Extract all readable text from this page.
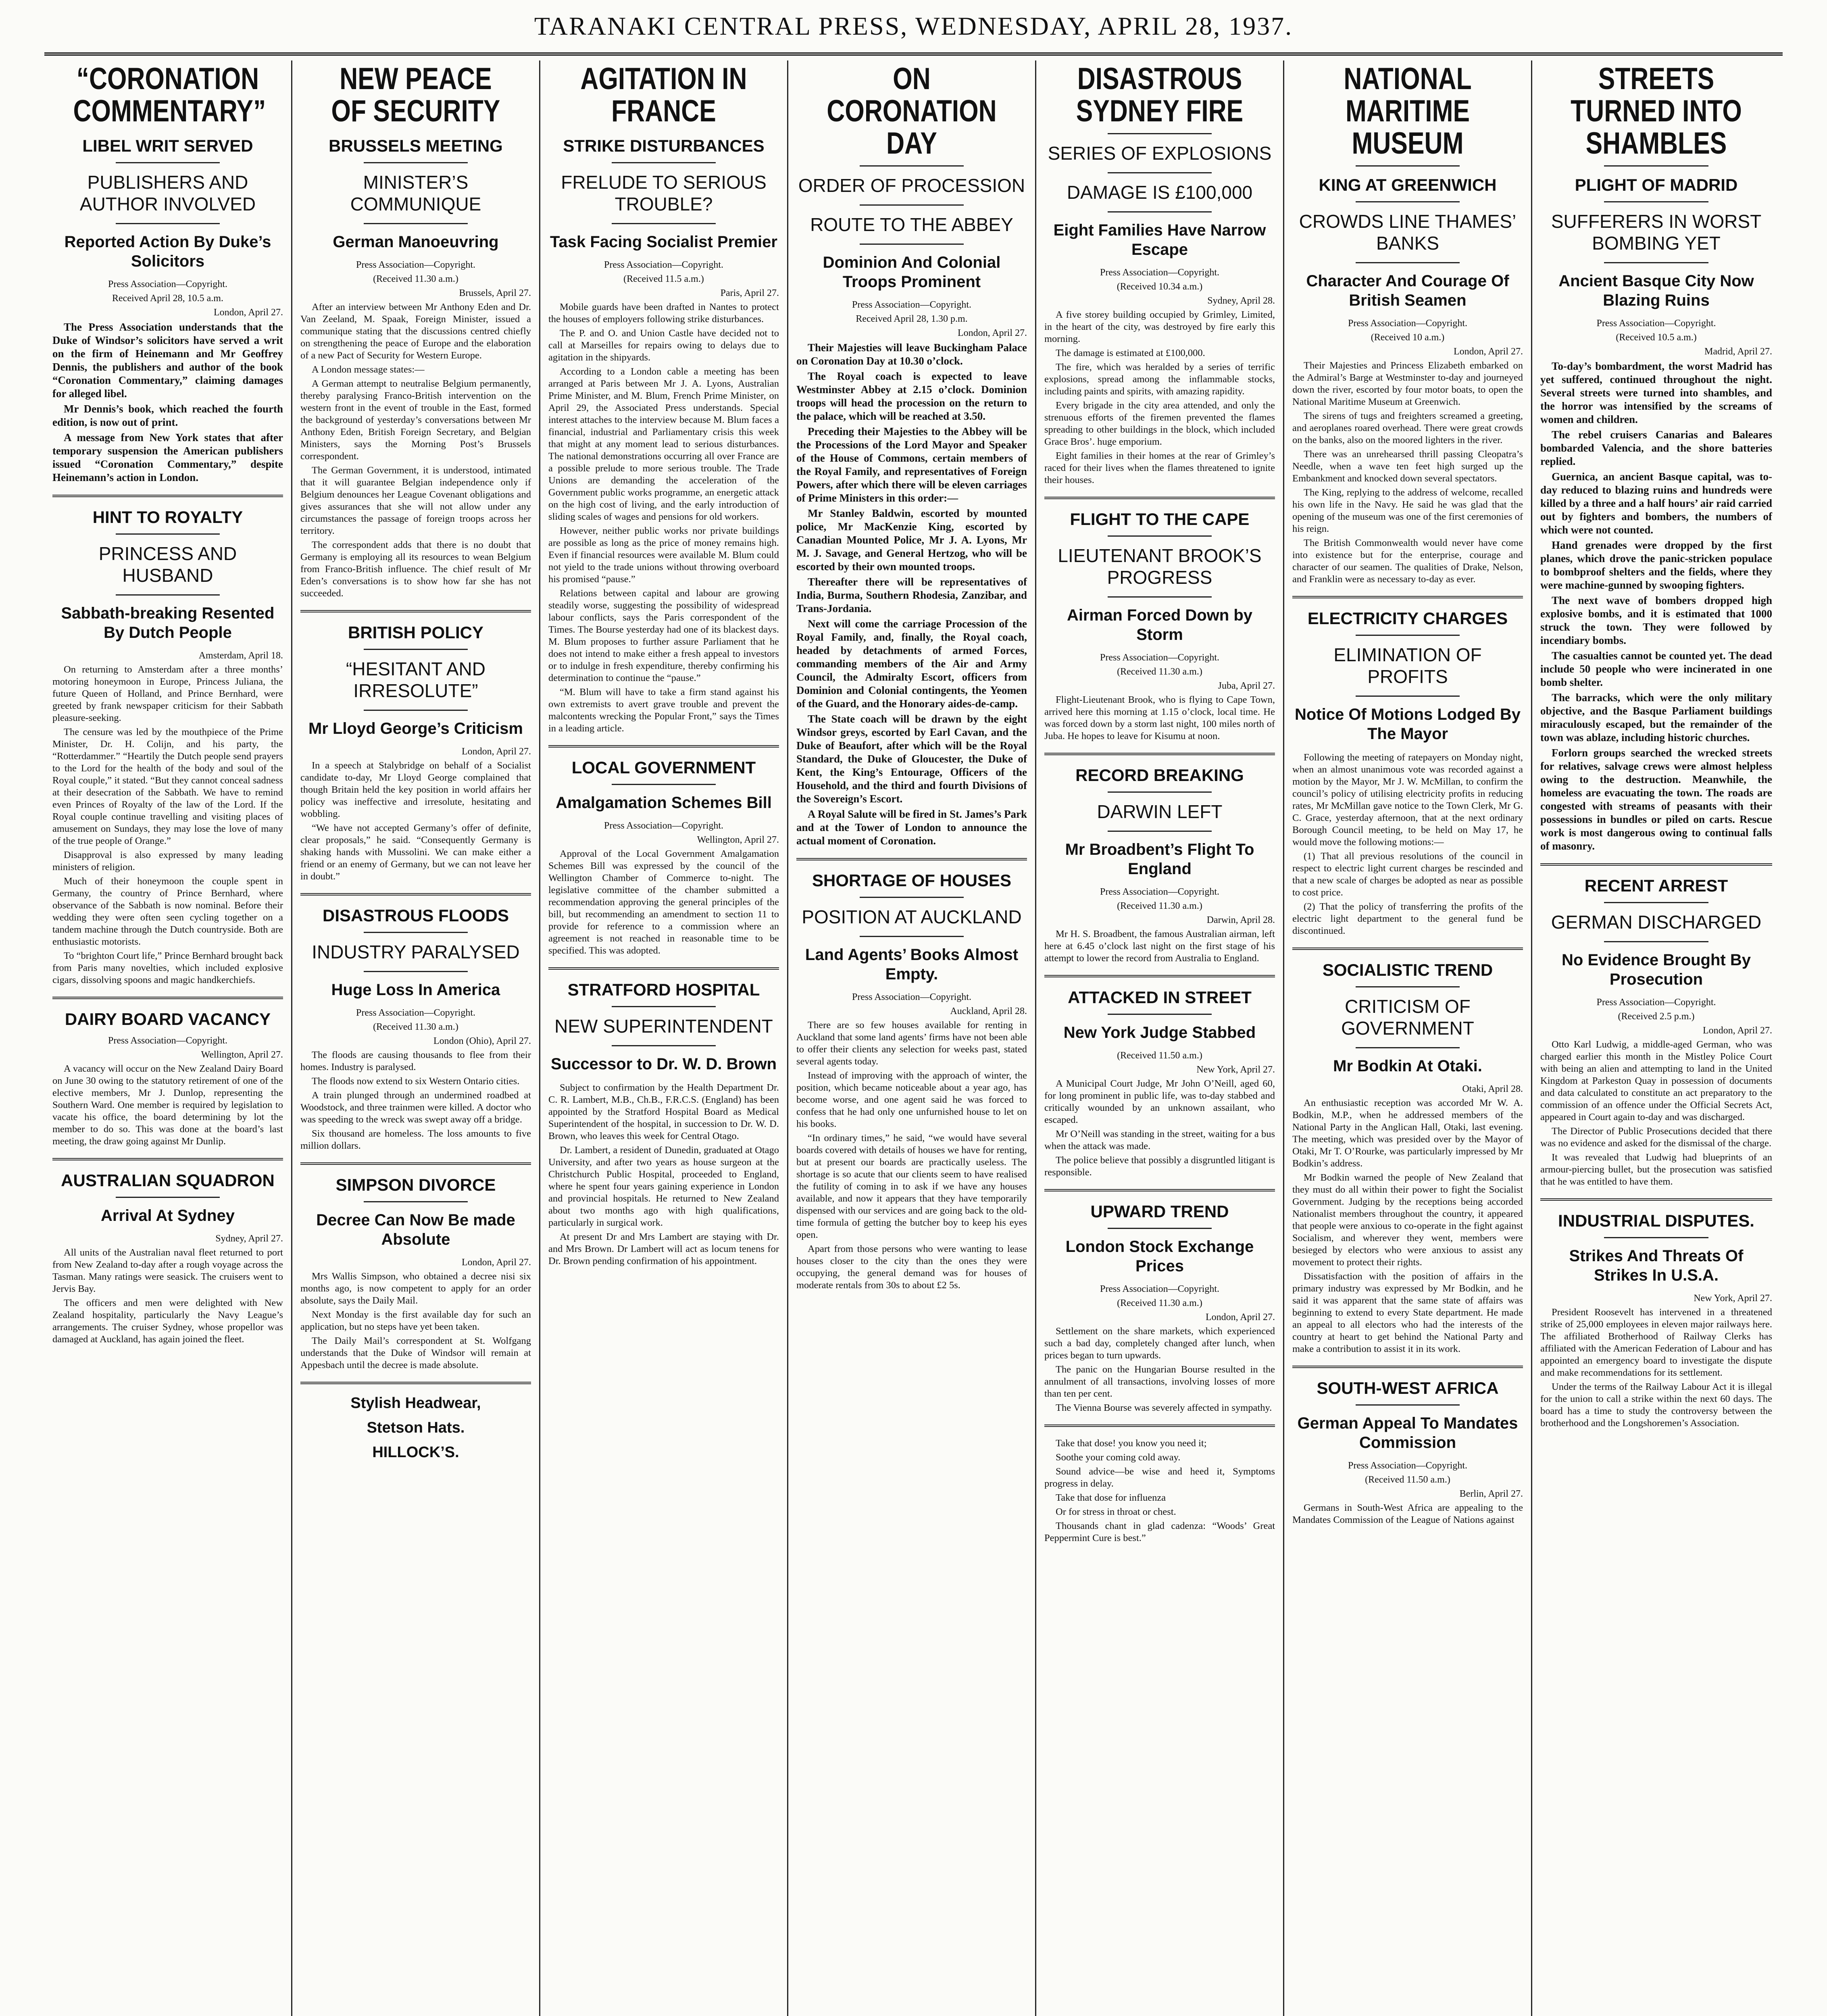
TARANAKI CENTRAL PRESS, WEDNESDAY, APRIL 28, 1937.
“CORONATION COMMENTARY”
LIBEL WRIT SERVED
PUBLISHERS AND AUTHOR INVOLVED
Reported Action By Duke’s Solicitors
Press Association—Copyright.
Received April 28, 10.5 a.m.
London, April 27.

The Press Association understands that the Duke of Windsor’s solicitors have served a writ on the firm of Heinemann and Mr Geoffrey Dennis, the publishers and author of the book “Coronation Commentary,” claiming damages for alleged libel.

Mr Dennis’s book, which reached the fourth edition, is now out of print.

A message from New York states that after temporary suspension the American publishers issued “Coronation Commentary,” despite Heinemann’s action in London.

HINT TO ROYALTY
PRINCESS AND HUSBAND
Sabbath-breaking Resented By Dutch People
Amsterdam, April 18.

On returning to Amsterdam after a three months’ motoring honeymoon in Europe, Princess Juliana, the future Queen of Holland, and Prince Bernhard, were greeted by frank newspaper criticism for their Sabbath pleasure-seeking.

The censure was led by the mouthpiece of the Prime Minister, Dr. H. Colijn, and his party, the “Rotterdammer.” “Heartily the Dutch people send prayers to the Lord for the health of the body and soul of the Royal couple,” it stated. “But they cannot conceal sadness at their desecration of the Sabbath. We have to remind even Princes of Royalty of the law of the Lord. If the Royal couple continue travelling and visiting places of amusement on Sundays, they may lose the love of many of the true people of Orange.”

Disapproval is also expressed by many leading ministers of religion.

Much of their honeymoon the couple spent in Germany, the country of Prince Bernhard, where observance of the Sabbath is now nominal. Before their wedding they were often seen cycling together on a tandem machine through the Dutch countryside. Both are enthusiastic motorists.

To “brighton Court life,” Prince Bernhard brought back from Paris many novelties, which included explosive cigars, dissolving spoons and magic handkerchiefs.

DAIRY BOARD VACANCY
Press Association—Copyright.
Wellington, April 27.

A vacancy will occur on the New Zealand Dairy Board on June 30 owing to the statutory retirement of one of the elective members, Mr J. Dunlop, representing the Southern Ward. One member is required by legislation to vacate his office, the board determining by lot the member to do so. This was done at the board’s last meeting, the draw going against Mr Dunlip.

AUSTRALIAN SQUADRON
Arrival At Sydney
Sydney, April 27.

All units of the Australian naval fleet returned to port from New Zealand to-day after a rough voyage across the Tasman. Many ratings were seasick. The cruisers went to Jervis Bay.

The officers and men were delighted with New Zealand hospitality, particularly the Navy League’s arrangements. The cruiser Sydney, whose propellor was damaged at Auckland, has again joined the fleet.

NEW PEACE OF SECURITY
BRUSSELS MEETING
MINISTER’S COMMUNIQUE
German Manoeuvring
Press Association—Copyright.
(Received 11.30 a.m.)
Brussels, April 27.

After an interview between Mr Anthony Eden and Dr. Van Zeeland, M. Spaak, Foreign Minister, issued a communique stating that the discussions centred chiefly on strengthening the peace of Europe and the elaboration of a new Pact of Security for Western Europe.

A London message states:—

A German attempt to neutralise Belgium permanently, thereby paralysing Franco-British intervention on the western front in the event of trouble in the East, formed the background of yesterday’s conversations between Mr Anthony Eden, British Foreign Secretary, and Belgian Ministers, says the Morning Post’s Brussels correspondent.

The German Government, it is understood, intimated that it will guarantee Belgian independence only if Belgium denounces her League Covenant obligations and gives assurances that she will not allow under any circumstances the passage of foreign troops across her territory.

The correspondent adds that there is no doubt that Germany is employing all its resources to wean Belgium from Franco-British influence. The chief result of Mr Eden’s conversations is to show how far she has not succeeded.

BRITISH POLICY
“HESITANT AND IRRESOLUTE”
Mr Lloyd George’s Criticism
London, April 27.

In a speech at Stalybridge on behalf of a Socialist candidate to-day, Mr Lloyd George complained that though Britain held the key position in world affairs her policy was ineffective and irresolute, hesitating and wobbling.

“We have not accepted Germany’s offer of definite, clear proposals,” he said. “Consequently Germany is shaking hands with Mussolini. We can make either a friend or an enemy of Germany, but we can not leave her in doubt.”

DISASTROUS FLOODS
INDUSTRY PARALYSED
Huge Loss In America
Press Association—Copyright.
(Received 11.30 a.m.)
London (Ohio), April 27.

The floods are causing thousands to flee from their homes. Industry is paralysed.

The floods now extend to six Western Ontario cities.

A train plunged through an undermined roadbed at Woodstock, and three trainmen were killed. A doctor who was speeding to the wreck was swept away off a bridge.

Six thousand are homeless. The loss amounts to five million dollars.

SIMPSON DIVORCE
Decree Can Now Be made Absolute
London, April 27.

Mrs Wallis Simpson, who obtained a decree nisi six months ago, is now competent to apply for an order absolute, says the Daily Mail.

Next Monday is the first available day for such an application, but no steps have yet been taken.

The Daily Mail’s correspondent at St. Wolfgang understands that the Duke of Windsor will remain at Appesbach until the decree is made absolute.

Stylish Headwear,
Stetson Hats.
HILLOCK’S.
AGITATION IN FRANCE
STRIKE DISTURBANCES
FRELUDE TO SERIOUS TROUBLE?
Task Facing Socialist Premier
Press Association—Copyright.
(Received 11.5 a.m.)
Paris, April 27.

Mobile guards have been drafted in Nantes to protect the houses of employers following strike disturbances.

The P. and O. and Union Castle have decided not to call at Marseilles for repairs owing to delays due to agitation in the shipyards.

According to a London cable a meeting has been arranged at Paris between Mr J. A. Lyons, Australian Prime Minister, and M. Blum, French Prime Minister, on April 29, the Associated Press understands. Special interest attaches to the interview because M. Blum faces a financial, industrial and Parliamentary crisis this week that might at any moment lead to serious disturbances. The national demonstrations occurring all over France are a possible prelude to more serious trouble. The Trade Unions are demanding the acceleration of the Government public works programme, an energetic attack on the high cost of living, and the early introduction of sliding scales of wages and pensions for old workers.

However, neither public works nor private buildings are possible as long as the price of money remains high. Even if financial resources were available M. Blum could not yield to the trade unions without throwing overboard his promised “pause.”

Relations between capital and labour are growing steadily worse, suggesting the possibility of widespread labour conflicts, says the Paris correspondent of the Times. The Bourse yesterday had one of its blackest days. M. Blum proposes to further assure Parliament that he does not intend to make either a fresh appeal to investors or to indulge in fresh expenditure, thereby confirming his determination to continue the “pause.”

“M. Blum will have to take a firm stand against his own extremists to avert grave trouble and prevent the malcontents wrecking the Popular Front,” says the Times in a leading article.

LOCAL GOVERNMENT
Amalgamation Schemes Bill
Press Association—Copyright.
Wellington, April 27.

Approval of the Local Government Amalgamation Schemes Bill was expressed by the council of the Wellington Chamber of Commerce to-night. The legislative committee of the chamber submitted a recommendation approving the general principles of the bill, but recommending an amendment to section 11 to provide for reference to a commission where an agreement is not reached in reasonable time to be specified. This was adopted.

STRATFORD HOSPITAL
NEW SUPERINTENDENT
Successor to Dr. W. D. Brown

Subject to confirmation by the Health Department Dr. C. R. Lambert, M.B., Ch.B., F.R.C.S. (England) has been appointed by the Stratford Hospital Board as Medical Superintendent of the hospital, in succession to Dr. W. D. Brown, who leaves this week for Central Otago.

Dr. Lambert, a resident of Dunedin, graduated at Otago University, and after two years as house surgeon at the Christchurch Public Hospital, proceeded to England, where he spent four years gaining experience in London and provincial hospitals. He returned to New Zealand about two months ago with high qualifications, particularly in surgical work.

At present Dr and Mrs Lambert are staying with Dr. and Mrs Brown. Dr Lambert will act as locum tenens for Dr. Brown pending confirmation of his appointment.

ON CORONATION DAY
ORDER OF PROCESSION
ROUTE TO THE ABBEY
Dominion And Colonial Troops Prominent
Press Association—Copyright.
Received April 28, 1.30 p.m.
London, April 27.

Their Majesties will leave Buckingham Palace on Coronation Day at 10.30 o’clock.

The Royal coach is expected to leave Westminster Abbey at 2.15 o’clock. Dominion troops will head the procession on the return to the palace, which will be reached at 3.50.

Preceding their Majesties to the Abbey will be the Processions of the Lord Mayor and Speaker of the House of Commons, certain members of the Royal Family, and representatives of Foreign Powers, after which there will be eleven carriages of Prime Ministers in this order:—

Mr Stanley Baldwin, escorted by mounted police, Mr MacKenzie King, escorted by Canadian Mounted Police, Mr J. A. Lyons, Mr M. J. Savage, and General Hertzog, who will be escorted by their own mounted troops.

Thereafter there will be representatives of India, Burma, Southern Rhodesia, Zanzibar, and Trans-Jordania.

Next will come the carriage Procession of the Royal Family, and, finally, the Royal coach, headed by detachments of armed Forces, commanding members of the Air and Army Council, the Admiralty Escort, officers from Dominion and Colonial contingents, the Yeomen of the Guard, and the Honorary aides-de-camp.

The State coach will be drawn by the eight Windsor greys, escorted by Earl Cavan, and the Duke of Beaufort, after which will be the Royal Standard, the Duke of Gloucester, the Duke of Kent, the King’s Entourage, Officers of the Household, and the third and fourth Divisions of the Sovereign’s Escort.

A Royal Salute will be fired in St. James’s Park and at the Tower of London to announce the actual moment of Coronation.

SHORTAGE OF HOUSES
POSITION AT AUCKLAND
Land Agents’ Books Almost Empty.
Press Association—Copyright.
Auckland, April 28.

There are so few houses available for renting in Auckland that some land agents’ firms have not been able to offer their clients any selection for weeks past, stated several agents today.

Instead of improving with the approach of winter, the position, which became noticeable about a year ago, has become worse, and one agent said he was forced to confess that he had only one unfurnished house to let on his books.

“In ordinary times,” he said, “we would have several boards covered with details of houses we have for renting, but at present our boards are practically useless. The shortage is so acute that our clients seem to have realised the futility of coming in to ask if we have any houses available, and now it appears that they have temporarily dispensed with our services and are going back to the old-time formula of getting the butcher boy to keep his eyes open.

Apart from those persons who were wanting to lease houses closer to the city than the ones they were occupying, the general demand was for houses of moderate rentals from 30s to about £2 5s.

DISASTROUS SYDNEY FIRE
SERIES OF EXPLOSIONS
DAMAGE IS £100,000
Eight Families Have Narrow Escape
Press Association—Copyright.
(Received 10.34 a.m.)
Sydney, April 28.

A five storey building occupied by Grimley, Limited, in the heart of the city, was destroyed by fire early this morning.

The damage is estimated at £100,000.

The fire, which was heralded by a series of terrific explosions, spread among the inflammable stocks, including paints and spirits, with amazing rapidity.

Every brigade in the city area attended, and only the strenuous efforts of the firemen prevented the flames spreading to other buildings in the block, which included Grace Bros’. huge emporium.

Eight families in their homes at the rear of Grimley’s raced for their lives when the flames threatened to ignite their houses.

FLIGHT TO THE CAPE
LIEUTENANT BROOK’S PROGRESS
Airman Forced Down by Storm
Press Association—Copyright.
(Received 11.30 a.m.)
Juba, April 27.

Flight-Lieutenant Brook, who is flying to Cape Town, arrived here this morning at 1.15 o’clock, local time. He was forced down by a storm last night, 100 miles north of Juba. He hopes to leave for Kisumu at noon.

RECORD BREAKING
DARWIN LEFT
Mr Broadbent’s Flight To England
Press Association—Copyright.
(Received 11.30 a.m.)
Darwin, April 28.

Mr H. S. Broadbent, the famous Australian airman, left here at 6.45 o’clock last night on the first stage of his attempt to lower the record from Australia to England.

ATTACKED IN STREET
New York Judge Stabbed
(Received 11.50 a.m.)
New York, April 27.

A Municipal Court Judge, Mr John O’Neill, aged 60, for long prominent in public life, was to-day stabbed and critically wounded by an unknown assailant, who escaped.

Mr O’Neill was standing in the street, waiting for a bus when the attack was made.

The police believe that possibly a disgruntled litigant is responsible.

UPWARD TREND
London Stock Exchange Prices
Press Association—Copyright.
(Received 11.30 a.m.)
London, April 27.

Settlement on the share markets, which experienced such a bad day, completely changed after lunch, when prices began to turn upwards.

The panic on the Hungarian Bourse resulted in the annulment of all transactions, involving losses of more than ten per cent.

The Vienna Bourse was severely affected in sympathy.

Take that dose! you know you need it;

Soothe your coming cold away.

Sound advice—be wise and heed it, Symptoms progress in delay.

Take that dose for influenza

Or for stress in throat or chest.

Thousands chant in glad cadenza: “Woods’ Great Peppermint Cure is best.”

NATIONAL MARITIME MUSEUM
KING AT GREENWICH
CROWDS LINE THAMES’ BANKS
Character And Courage Of British Seamen
Press Association—Copyright.
(Received 10 a.m.)
London, April 27.

Their Majesties and Princess Elizabeth embarked on the Admiral’s Barge at Westminster to-day and journeyed down the river, escorted by four motor boats, to open the National Maritime Museum at Greenwich.

The sirens of tugs and freighters screamed a greeting, and aeroplanes roared overhead. There were great crowds on the banks, also on the moored lighters in the river.

There was an unrehearsed thrill passing Cleopatra’s Needle, when a wave ten feet high surged up the Embankment and knocked down several spectators.

The King, replying to the address of welcome, recalled his own life in the Navy. He said he was glad that the opening of the museum was one of the first ceremonies of his reign.

The British Commonwealth would never have come into existence but for the enterprise, courage and character of our seamen. The qualities of Drake, Nelson, and Franklin were as necessary to-day as ever.

ELECTRICITY CHARGES
ELIMINATION OF PROFITS
Notice Of Motions Lodged By The Mayor

Following the meeting of ratepayers on Monday night, when an almost unanimous vote was recorded against a motion by the Mayor, Mr J. W. McMillan, to confirm the council’s policy of utilising electricity profits in reducing rates, Mr McMillan gave notice to the Town Clerk, Mr G. C. Grace, yesterday afternoon, that at the next ordinary Borough Council meeting, to be held on May 17, he would move the following motions:—

(1) That all previous resolutions of the council in respect to electric light current charges be rescinded and that a new scale of charges be adopted as near as possible to cost price.

(2) That the policy of transferring the profits of the electric light department to the general fund be discontinued.

SOCIALISTIC TREND
CRITICISM OF GOVERNMENT
Mr Bodkin At Otaki.
Otaki, April 28.

An enthusiastic reception was accorded Mr W. A. Bodkin, M.P., when he addressed members of the National Party in the Anglican Hall, Otaki, last evening. The meeting, which was presided over by the Mayor of Otaki, Mr T. O’Rourke, was particularly impressed by Mr Bodkin’s address.

Mr Bodkin warned the people of New Zealand that they must do all within their power to fight the Socialist Government. Judging by the receptions being accorded Nationalist members throughout the country, it appeared that people were anxious to co-operate in the fight against Socialism, and wherever they went, members were besieged by electors who were anxious to assist any movement to protect their rights.

Dissatisfaction with the position of affairs in the primary industry was expressed by Mr Bodkin, and he said it was apparent that the same state of affairs was beginning to extend to every State department. He made an appeal to all electors who had the interests of the country at heart to get behind the National Party and make a contribution to assist it in its work.

SOUTH-WEST AFRICA
German Appeal To Mandates Commission
Press Association—Copyright.
(Received 11.50 a.m.)
Berlin, April 27.

Germans in South-West Africa are appealing to the Mandates Commission of the League of Nations against

STREETS TURNED INTO SHAMBLES
PLIGHT OF MADRID
SUFFERERS IN WORST BOMBING YET
Ancient Basque City Now Blazing Ruins
Press Association—Copyright.
(Received 10.5 a.m.)
Madrid, April 27.

To-day’s bombardment, the worst Madrid has yet suffered, continued throughout the night. Several streets were turned into shambles, and the horror was intensified by the screams of women and children.

The rebel cruisers Canarias and Baleares bombarded Valencia, and the shore batteries replied.

Guernica, an ancient Basque capital, was to-day reduced to blazing ruins and hundreds were killed by a three and a half hours’ air raid carried out by fighters and bombers, the numbers of which were not counted.

Hand grenades were dropped by the first planes, which drove the panic-stricken populace to bombproof shelters and the fields, where they were machine-gunned by swooping fighters.

The next wave of bombers dropped high explosive bombs, and it is estimated that 1000 struck the town. They were followed by incendiary bombs.

The casualties cannot be counted yet. The dead include 50 people who were incinerated in one bomb shelter.

The barracks, which were the only military objective, and the Basque Parliament buildings miraculously escaped, but the remainder of the town was ablaze, including historic churches.

Forlorn groups searched the wrecked streets for relatives, salvage crews were almost helpless owing to the destruction. Meanwhile, the homeless are evacuating the town. The roads are congested with streams of peasants with their possessions in bundles or piled on carts. Rescue work is most dangerous owing to continual falls of masonry.

RECENT ARREST
GERMAN DISCHARGED
No Evidence Brought By Prosecution
Press Association—Copyright.
(Received 2.5 p.m.)
London, April 27.

Otto Karl Ludwig, a middle-aged German, who was charged earlier this month in the Mistley Police Court with being an alien and attempting to land in the United Kingdom at Parkeston Quay in possession of documents and data calculated to constitute an act preparatory to the commission of an offence under the Official Secrets Act, appeared in Court again to-day and was discharged.

The Director of Public Prosecutions decided that there was no evidence and asked for the dismissal of the charge.

It was revealed that Ludwig had blueprints of an armour-piercing bullet, but the prosecution was satisfied that he was entitled to have them.

INDUSTRIAL DISPUTES.
Strikes And Threats Of Strikes In U.S.A.
New York, April 27.

President Roosevelt has intervened in a threatened strike of 25,000 employees in eleven major railways here. The affiliated Brotherhood of Railway Clerks has affiliated with the American Federation of Labour and has appointed an emergency board to investigate the dispute and make recommendations for its settlement.

Under the terms of the Railway Labour Act it is illegal for the union to call a strike within the next 60 days. The board has a time to study the controversy between the brotherhood and the Longshoremen’s Association.
